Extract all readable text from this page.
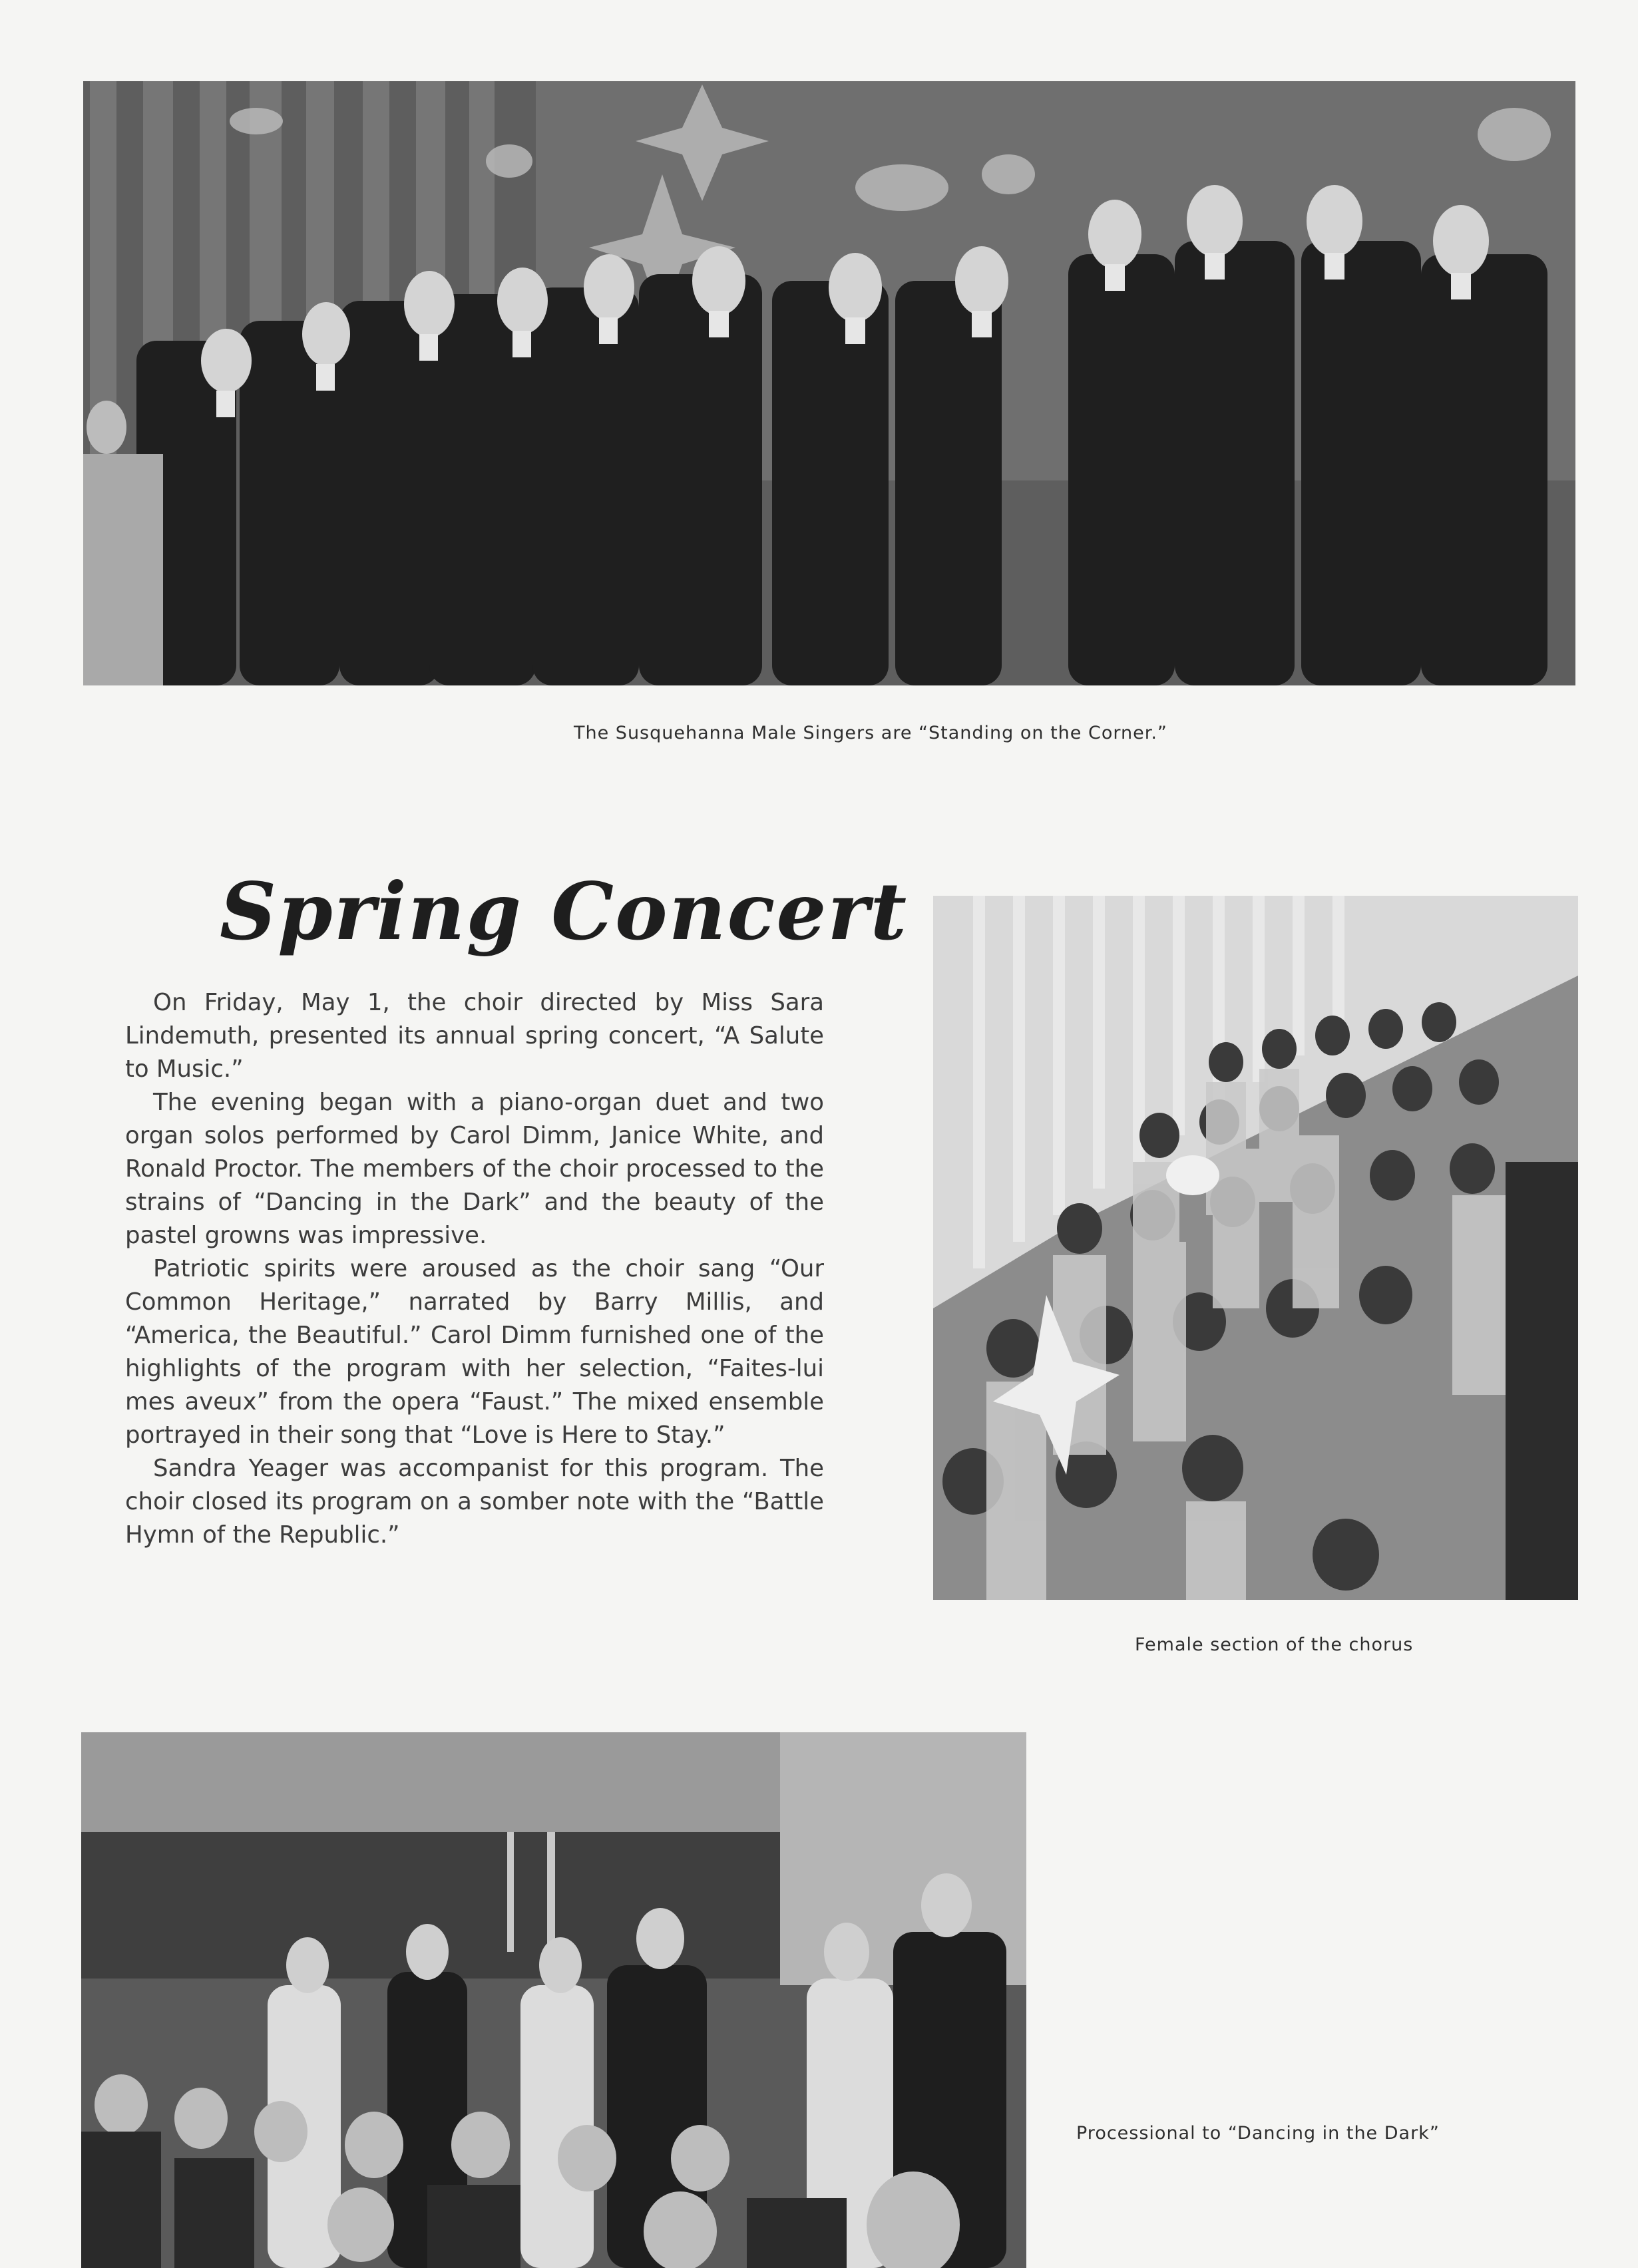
The Susquehanna Male Singers are “Standing on the Corner.”
Spring Concert

On Friday, May 1, the choir directed by Miss Sara Lindemuth, presented its annual spring concert, “A Salute to Music.”

The evening began with a piano-organ duet and two organ solos performed by Carol Dimm, Janice White, and Ronald Proctor. The members of the choir processed to the strains of “Dancing in the Dark” and the beauty of the pastel growns was impressive.

Patriotic spirits were aroused as the choir sang “Our Common Heritage,” narrated by Barry Millis, and “America, the Beautiful.” Carol Dimm furnished one of the highlights of the program with her selection, “Faites-lui mes aveux” from the opera “Faust.” The mixed ensemble portrayed in their song that “Love is Here to Stay.”

Sandra Yeager was accompanist for this program. The choir closed its program on a somber note with the “Battle Hymn of the Republic.”

Female section of the chorus
Processional to “Dancing in the Dark”
